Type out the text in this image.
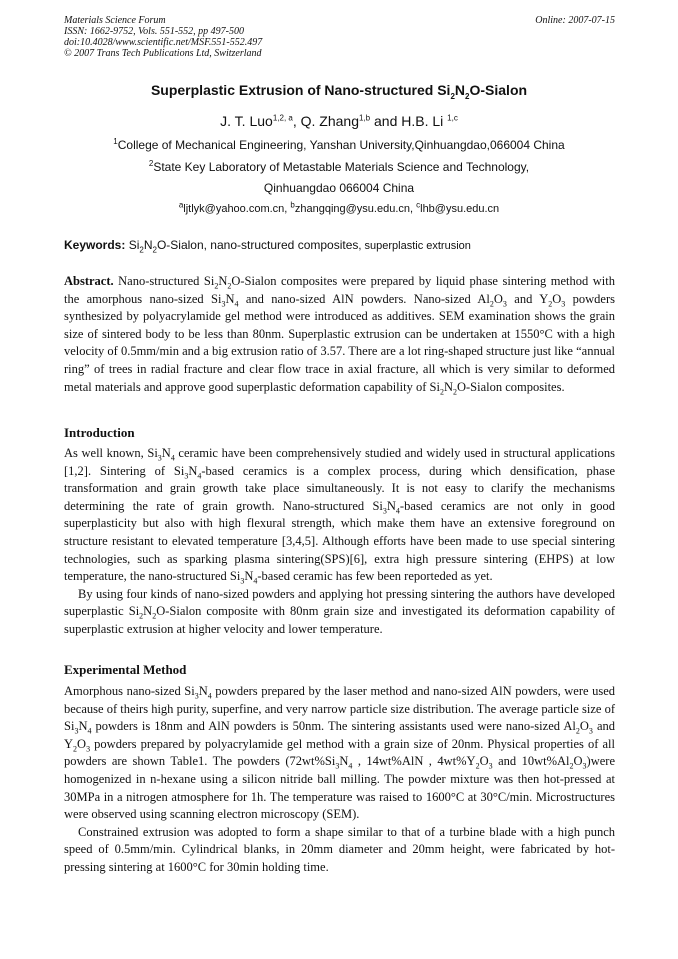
Materials Science Forum
ISSN: 1662-9752, Vols. 551-552, pp 497-500
doi:10.4028/www.scientific.net/MSF.551-552.497
© 2007 Trans Tech Publications Ltd, Switzerland
Online: 2007-07-15
Superplastic Extrusion of Nano-structured $Si_2N_2O$-Sialon
J. T. Luo$^{1,2, a}$, Q. Zhang$^{1,b}$ and H.B. Li $^{1,c}$
$^1$College of Mechanical Engineering, Yanshan University,Qinhuangdao,066004 China
$^2$State Key Laboratory of Metastable Materials Science and Technology,
Qinhuangdao 066004 China
$^a$ljtlyk@yahoo.com.cn, $^b$zhangqing@ysu.edu.cn, $^c$lhb@ysu.edu.cn
Keywords: $Si_2N_2O$-Sialon, nano-structured composites, superplastic extrusion

Abstract. Nano-structured $Si_2N_2O$-Sialon composites were prepared by liquid phase sintering method with the amorphous nano-sized $Si_3N_4$ and nano-sized AlN powders. Nano-sized $Al_2O_3$ and $Y_2O_3$ powders synthesized by polyacrylamide gel method were introduced as additives. SEM examination shows the grain size of sintered body to be less than 80nm. Superplastic extrusion can be undertaken at 1550°C with a high velocity of 0.5mm/min and a big extrusion ratio of 3.57. There are a lot ring-shaped structure just like “annual ring” of trees in radial fracture and clear flow trace in axial fracture, all which is very similar to deformed metal materials and approve good superplastic deformation capability of $Si_2N_2O$-Sialon composites.

Introduction

As well known, $Si_3N_4$ ceramic have been comprehensively studied and widely used in structural applications [1,2]. Sintering of $Si_3N_4$-based ceramics is a complex process, during which densification, phase transformation and grain growth take place simultaneously. It is not easy to clarify the mechanisms determining the rate of grain growth. Nano-structured $Si_3N_4$-based ceramics are not only in good superplasticity but also with high flexural strength, which make them have an extensive foreground on structure resistant to elevated temperature [3,4,5]. Although efforts have been made to use special sintering technologies, such as sparking plasma sintering(SPS)[6], extra high pressure sintering (EHPS) at low temperature, the nano-structured $Si_3N_4$-based ceramic has few been reporteded as yet.

By using four kinds of nano-sized powders and applying hot pressing sintering the authors have developed superplastic $Si_2N_2O$-Sialon composite with 80nm grain size and investigated its deformation capability of superplastic extrusion at higher velocity and lower temperature.

Experimental Method

Amorphous nano-sized $Si_3N_4$ powders prepared by the laser method and nano-sized AlN powders, were used because of theirs high purity, superfine, and very narrow particle size distribution. The average particle size of $Si_3N_4$ powders is 18nm and AlN powders is 50nm. The sintering assistants used were nano-sized $Al_2O_3$ and $Y_2O_3$ powders prepared by polyacrylamide gel method with a grain size of 20nm. Physical properties of all powders are shown Table1. The powders ($72wt\%Si_3N_4$ , 14wt%AlN , $4wt\%Y_2O_3$ and $10wt\%Al_2O_3)were$ homogenized in n-hexane using a silicon nitride ball milling. The powder mixture was then hot-pressed at 30MPa in a nitrogen atmosphere for 1h. The temperature was raised to 1600°C at 30°C/min. Microstructures were observed using scanning electron microscopy (SEM).

Constrained extrusion was adopted to form a shape similar to that of a turbine blade with a high punch speed of 0.5mm/min. Cylindrical blanks, in 20mm diameter and 20mm height, were fabricated by hot-pressing sintering at 1600°C for 30min holding time.
